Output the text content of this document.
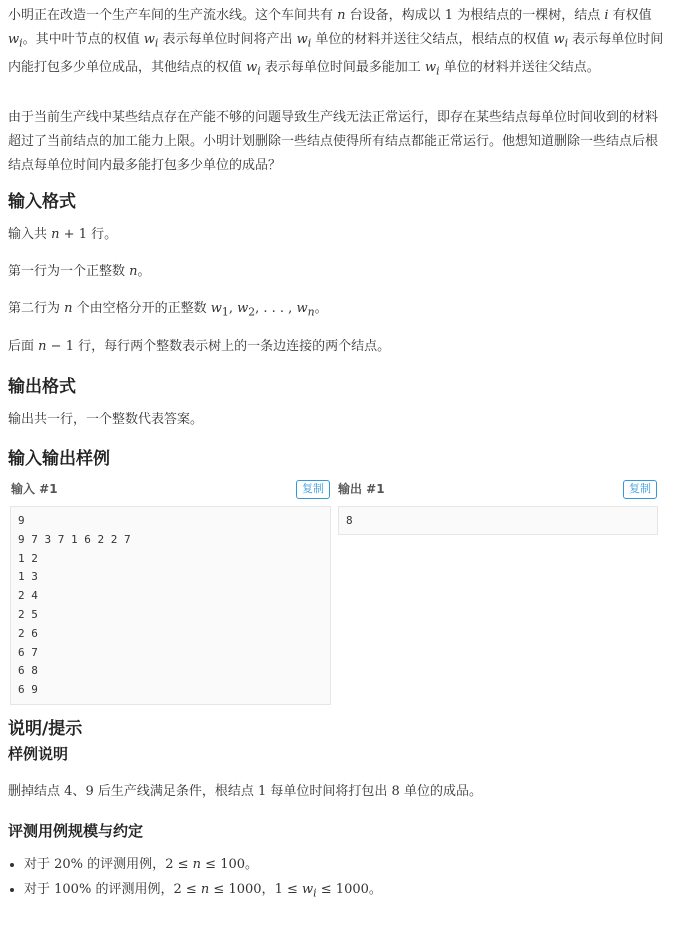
小明正在改造一个生产车间的生产流水线。这个车间共有 n 台设备，构成以 1 为根结点的一棵树，结点 i 有权值 $w_i$。其中叶节点的权值 $w_i$ 表示每单位时间将产出 $w_i$ 单位的材料并送往父结点，根结点的权值 $w_i$ 表示每单位时间内能打包多少单位成品，其他结点的权值 $w_i$ 表示每单位时间最多能加工 $w_i$ 单位的材料并送往父结点。

由于当前生产线中某些结点存在产能不够的问题导致生产线无法正常运行，即存在某些结点每单位时间收到的材料超过了当前结点的加工能力上限。小明计划删除一些结点使得所有结点都能正常运行。他想知道删除一些结点后根结点每单位时间内最多能打包多少单位的成品？

输入格式
输入共 n + 1 行。
第一行为一个正整数 n。
第二行为 n 个由空格分开的正整数 $w_1$, $w_2$, . . . , $w_n$。
后面 n − 1 行，每行两个整数表示树上的一条边连接的两个结点。
输出格式
输出共一行，一个整数代表答案。
输入输出样例
输入 #1	复制
9
9 7 3 7 1 6 2 2 7
1 2
1 3
2 4
2 5
2 6
6 7
6 8
6 9
输出 #1	复制
8
说明/提示
样例说明
删掉结点 4、9 后生产线满足条件，根结点 1 每单位时间将打包出 8 单位的成品。
评测用例规模与约定
• 对于 20% 的评测用例，2 ≤ n ≤ 100。
• 对于 100% 的评测用例，2 ≤ n ≤ 1000，$1 \le w_i \le 1000$。
